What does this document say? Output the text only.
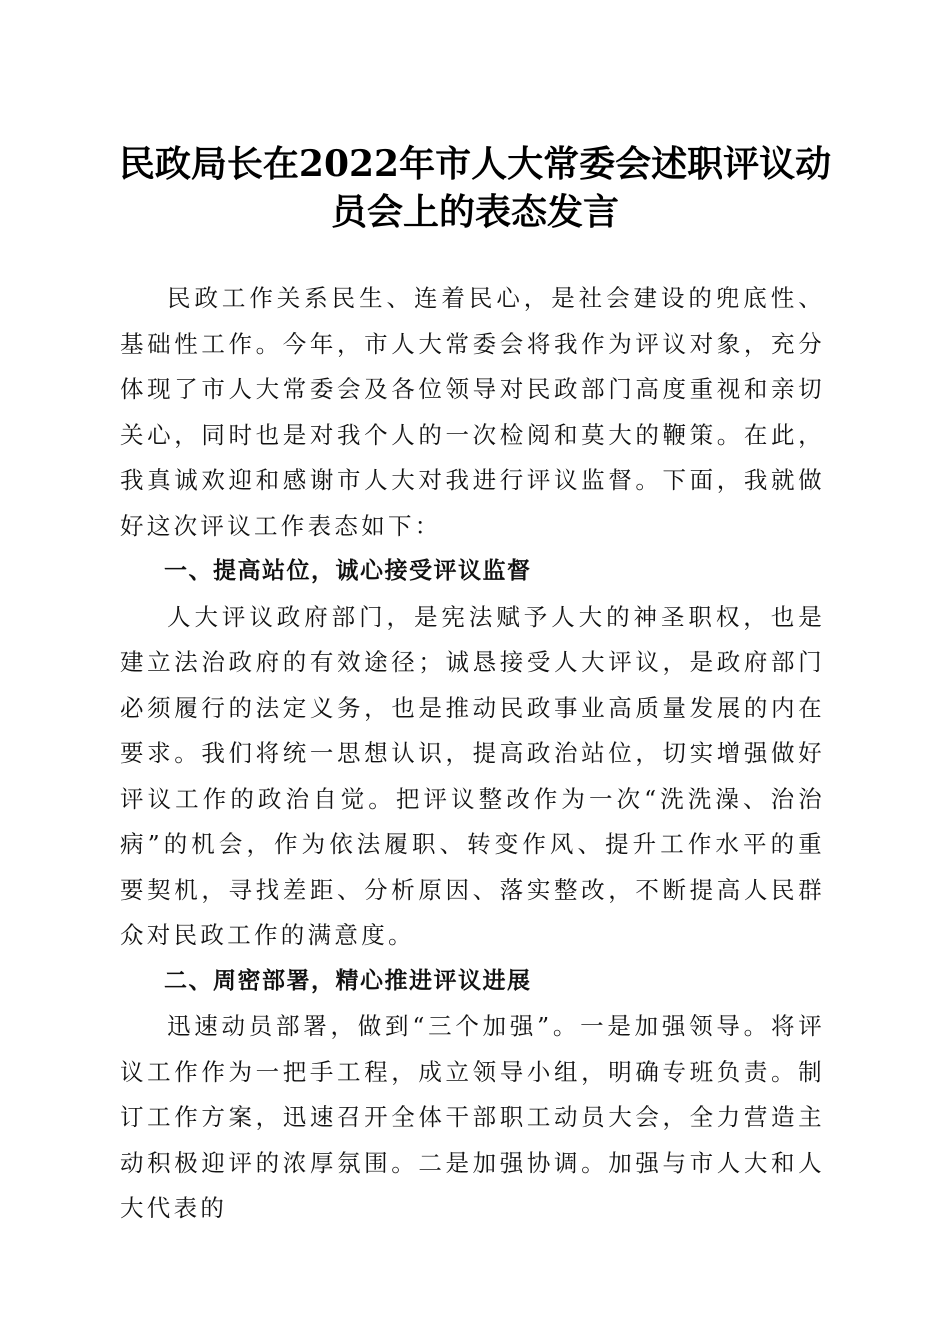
民政局长在2022年市人大常委会述职评议动
员会上的表态发言

民政工作关系民生、连着民心，是社会建设的兜底性、基础性工作。今年，市人大常委会将我作为评议对象，充分体现了市人大常委会及各位领导对民政部门高度重视和亲切关心，同时也是对我个人的一次检阅和莫大的鞭策。在此，我真诚欢迎和感谢市人大对我进行评议监督。下面，我就做好这次评议工作表态如下：

一、提高站位，诚心接受评议监督

人大评议政府部门，是宪法赋予人大的神圣职权，也是建立法治政府的有效途径；诚恳接受人大评议，是政府部门必须履行的法定义务，也是推动民政事业高质量发展的内在要求。我们将统一思想认识，提高政治站位，切实增强做好评议工作的政治自觉。把评议整改作为一次“洗洗澡、治治病”的机会，作为依法履职、转变作风、提升工作水平的重要契机，寻找差距、分析原因、落实整改，不断提高人民群众对民政工作的满意度。

二、周密部署，精心推进评议进展

迅速动员部署，做到“三个加强”。一是加强领导。将评议工作作为一把手工程，成立领导小组，明确专班负责。制订工作方案，迅速召开全体干部职工动员大会，全力营造主动积极迎评的浓厚氛围。二是加强协调。加强与市人大和人大代表的
